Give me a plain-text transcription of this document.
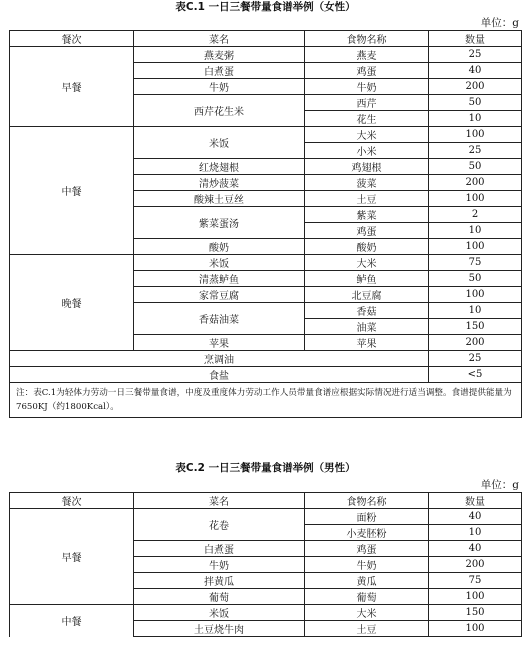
表C.1 一日三餐带量食谱举例（女性）
单位：g
餐次	菜名	食物名称	数量
早餐	燕麦粥	燕麦	25
	白煮蛋	鸡蛋	40
	牛奶	牛奶	200
	西芹花生米	西芹	50
		花生	10
中餐	米饭	大米	100
		小米	25
	红烧翅根	鸡翅根	50
	清炒菠菜	菠菜	200
	酸辣土豆丝	土豆	100
	紫菜蛋汤	紫菜	2
		鸡蛋	10
	酸奶	酸奶	100
晚餐	米饭	大米	75
	清蒸鲈鱼	鲈鱼	50
	家常豆腐	北豆腐	100
	香菇油菜	香菇	10
		油菜	150
	苹果	苹果	200
烹调油			25
食盐			<5
注：表C.1为轻体力劳动一日三餐带量食谱，中度及重度体力劳动工作人员带量食谱应根据实际情况进行适当调整。食谱提供能量为7650KJ（约1800Kcal）。			
表C.2 一日三餐带量食谱举例（男性）
单位：g
餐次	菜名	食物名称	数量
早餐	花卷	面粉	40
		小麦胚粉	10
	白煮蛋	鸡蛋	40
	牛奶	牛奶	200
	拌黄瓜	黄瓜	75
	葡萄	葡萄	100
中餐	米饭	大米	150
	土豆烧牛肉	土豆	100
